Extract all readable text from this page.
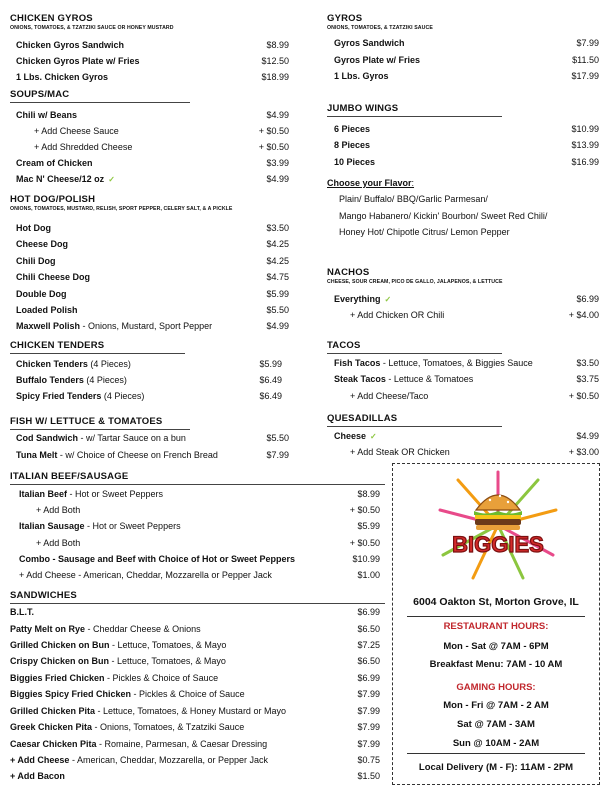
CHICKEN GYROS
ONIONS, TOMATOES, & TZATZIKI SAUCE OR HONEY MUSTARD
Chicken Gyros Sandwich	$8.99
Chicken Gyros Plate w/ Fries	$12.50
1 Lbs. Chicken Gyros	$18.99
SOUPS/MAC
Chili w/ Beans	$4.99
+ Add Cheese Sauce	+ $0.50
+ Add Shredded Cheese	+ $0.50
Cream of Chicken	$3.99
Mac N' Cheese/12 oz ✓	$4.99
HOT DOG/POLISH
ONIONS, TOMATOES, MUSTARD, RELISH, SPORT PEPPER, CELERY SALT, & A PICKLE
Hot Dog	$3.50
Cheese Dog	$4.25
Chili Dog	$4.25
Chili Cheese Dog	$4.75
Double Dog	$5.99
Loaded Polish	$5.50
Maxwell Polish - Onions, Mustard, Sport Pepper	$4.99
CHICKEN TENDERS
Chicken Tenders (4 Pieces)	$5.99
Buffalo Tenders (4 Pieces)	$6.49
Spicy Fried Tenders (4 Pieces)	$6.49
FISH W/ LETTUCE & TOMATOES
Cod Sandwich - w/ Tartar Sauce on a bun	$5.50
Tuna Melt - w/ Choice of Cheese on French Bread	$7.99
ITALIAN BEEF/SAUSAGE
Italian Beef - Hot or Sweet Peppers	$8.99
+ Add Both	+ $0.50
Italian Sausage - Hot or Sweet Peppers	$5.99
+ Add Both	+ $0.50
Combo - Sausage and Beef with Choice of Hot or Sweet Peppers	$10.99
+ Add Cheese - American, Cheddar, Mozzarella or Pepper Jack	$1.00
SANDWICHES
B.L.T.	$6.99
Patty Melt on Rye - Cheddar Cheese & Onions	$6.50
Grilled Chicken on Bun - Lettuce, Tomatoes, & Mayo	$7.25
Crispy Chicken on Bun - Lettuce, Tomatoes, & Mayo	$6.50
Biggies Fried Chicken - Pickles & Choice of Sauce	$6.99
Biggies Spicy Fried Chicken - Pickles & Choice of Sauce	$7.99
Grilled Chicken Pita - Lettuce, Tomatoes, & Honey Mustard or Mayo	$7.99
Greek Chicken Pita - Onions, Tomatoes, & Tzatziki Sauce	$7.99
Caesar Chicken Pita - Romaine, Parmesan, & Caesar Dressing	$7.99
+ Add Cheese - American, Cheddar, Mozzarella, or Pepper Jack	$0.75
+ Add Bacon	$1.50
GYROS
ONIONS, TOMATOES, & TZATZIKI SAUCE
Gyros Sandwich	$7.99
Gyros Plate w/ Fries	$11.50
1 Lbs. Gyros	$17.99
JUMBO WINGS
6 Pieces	$10.99
8 Pieces	$13.99
10 Pieces	$16.99
Choose your Flavor:
Plain/ Buffalo/ BBQ/Garlic Parmesan/
Mango Habanero/ Kickin' Bourbon/ Sweet Red Chili/
Honey Hot/ Chipotle Citrus/ Lemon Pepper
NACHOS
CHEESE, SOUR CREAM, PICO DE GALLO, JALAPENOS, & LETTUCE
Everything ✓	$6.99
+ Add Chicken OR Chili	+ $4.00
TACOS
Fish Tacos - Lettuce, Tomatoes, & Biggies Sauce	$3.50
Steak Tacos - Lettuce & Tomatoes	$3.75
+ Add Cheese/Taco	+ $0.50
QUESADILLAS
Cheese ✓	$4.99
+ Add Steak OR Chicken	+ $3.00
BIGGIES
6004 Oakton St, Morton Grove, IL
RESTAURANT HOURS:
Mon - Sat @ 7AM - 6PM
Breakfast Menu: 7AM - 10 AM
GAMING HOURS:
Mon - Fri @ 7AM - 2 AM
Sat @ 7AM - 3AM
Sun @ 10AM - 2AM
Local Delivery (M - F): 11AM - 2PM
